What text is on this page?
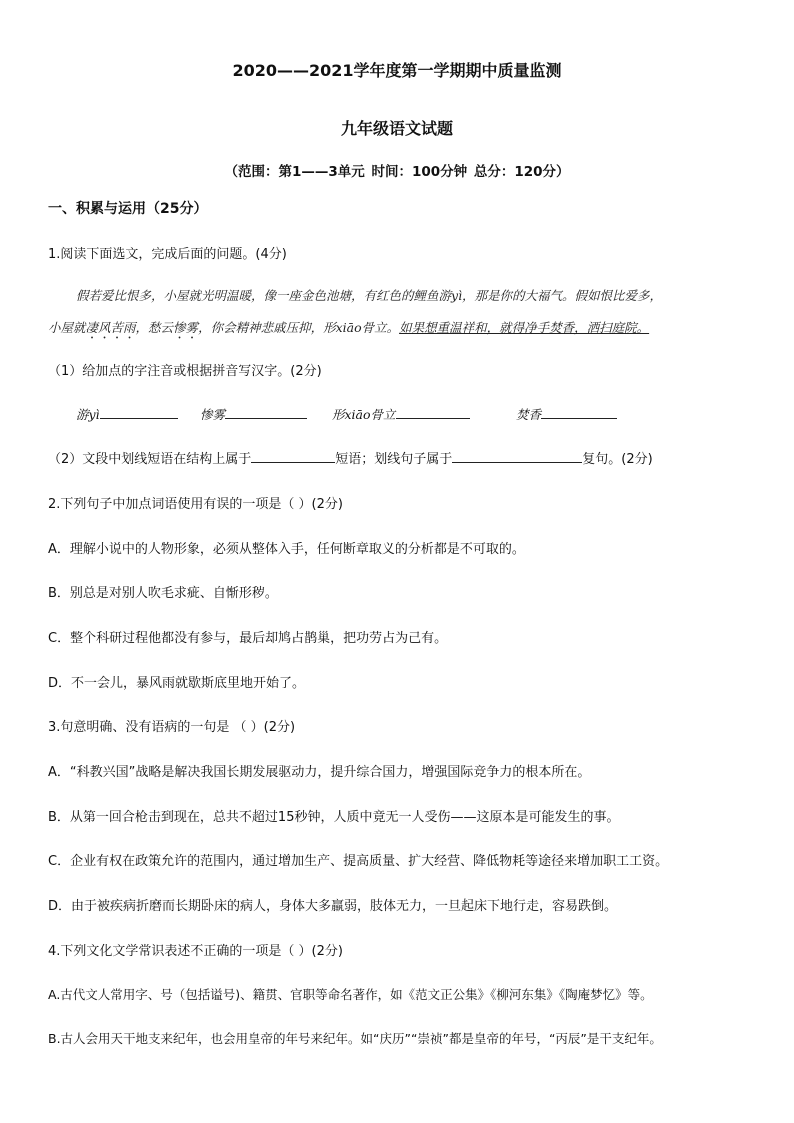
2020——2021学年度第一学期期中质量监测
九年级语文试题
（范围：第1——3单元 时间：100分钟 总分：120分）
一、积累与运用（25分）
1.阅读下面选文，完成后面的问题。(4分)
假若爱比恨多，小屋就光明温暖，像一座金色池塘，有红色的鲤鱼游yì，那是你的大福气。假如恨比爱多，
小屋就凄风苦雨，愁云惨雾，你会精神悲戚压抑，形xiāo骨立。如果想重温祥和，就得净手焚香，洒扫庭院。
（1）给加点的字注音或根据拼音写汉字。(2分)
游yì	惨雾	形xiāo骨立	焚香
（2）文段中划线短语在结构上属于	短语；划线句子属于	复句。(2分)
2.下列句子中加点词语使用有误的一项是（ ）(2分)
A．理解小说中的人物形象，必须从整体入手，任何断章取义的分析都是不可取的。
B．别总是对别人吹毛求疵、自惭形秽。
C．整个科研过程他都没有参与，最后却鸠占鹊巢，把功劳占为己有。
D．不一会儿，暴风雨就歇斯底里地开始了。
3.句意明确、没有语病的一句是 （ ）(2分)
A．“科教兴国”战略是解决我国长期发展驱动力，提升综合国力，增强国际竞争力的根本所在。
B．从第一回合枪击到现在，总共不超过15秒钟，人质中竟无一人受伤——这原本是可能发生的事。
C．企业有权在政策允许的范围内，通过增加生产、提高质量、扩大经营、降低物耗等途径来增加职工工资。
D．由于被疾病折磨而长期卧床的病人，身体大多羸弱，肢体无力，一旦起床下地行走，容易跌倒。
4.下列文化文学常识表述不正确的一项是（ ）(2分)
A.古代文人常用字、号（包括谥号)、籍贯、官职等命名著作，如《范文正公集》《柳河东集》《陶庵梦忆》等。
B.古人会用天干地支来纪年，也会用皇帝的年号来纪年。如“庆历”“崇祯”都是皇帝的年号，“丙辰”是干支纪年。
